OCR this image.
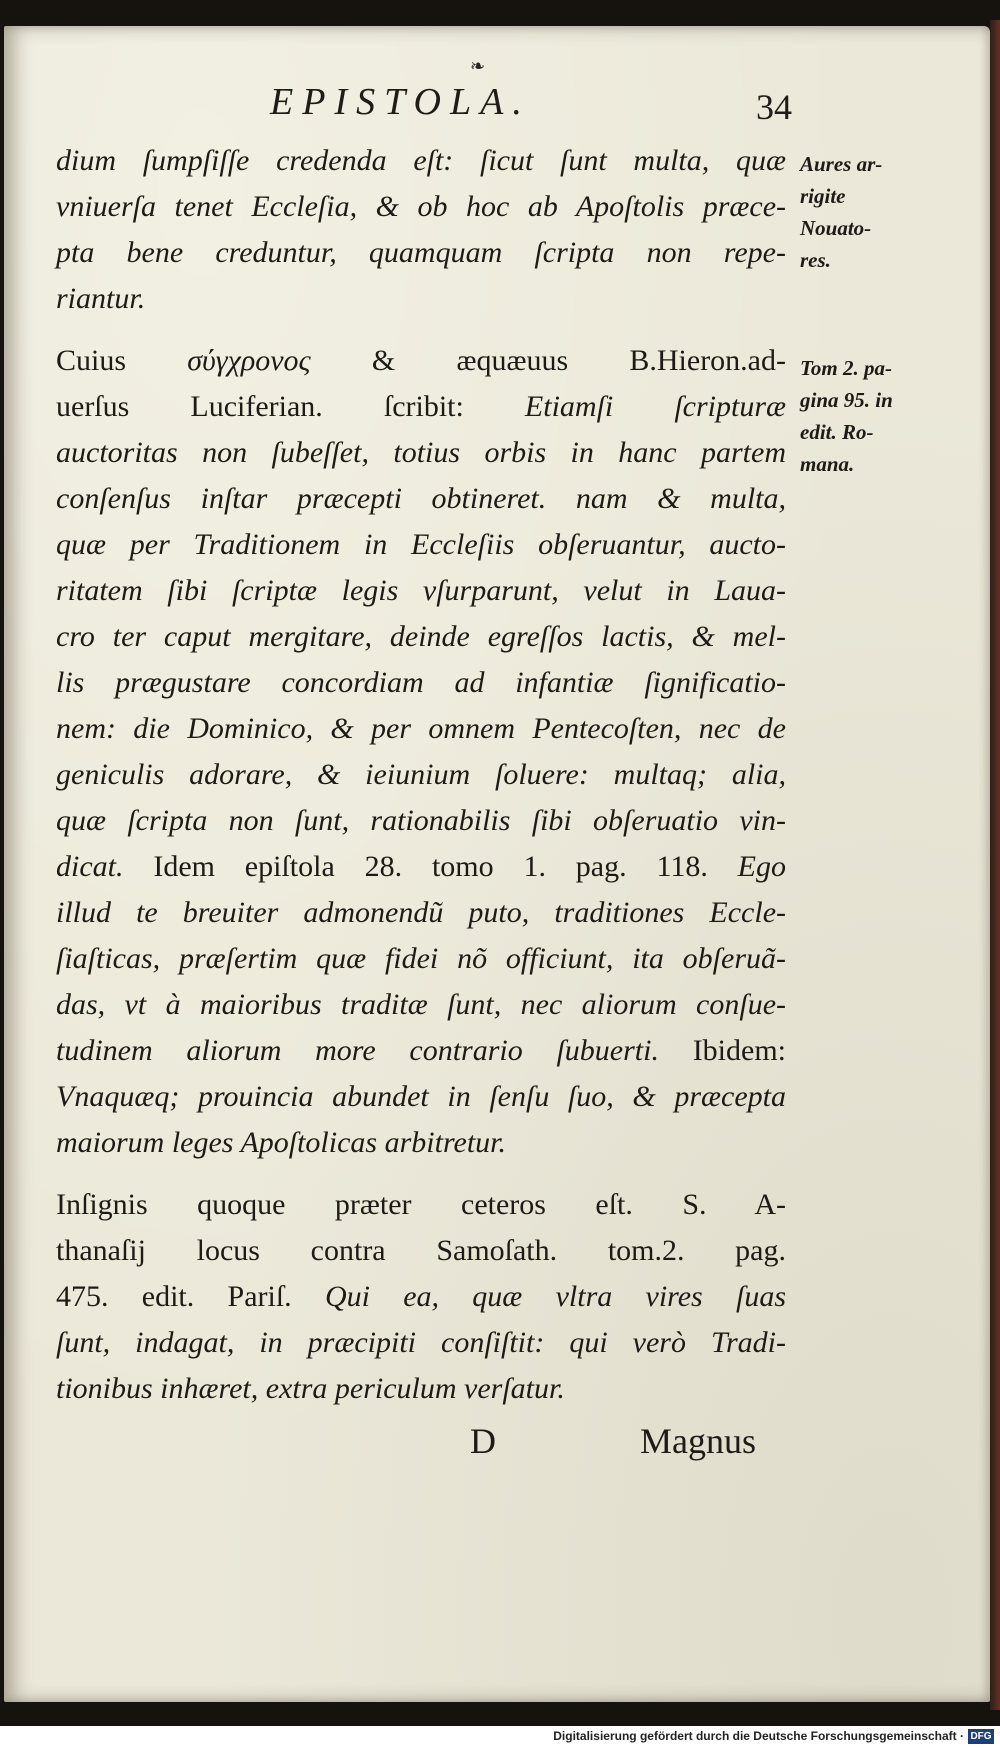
❧
EPISTOLA.	34
dium ſumpſiſſe credenda eſt: ſicut ſunt multa, quæ
vniuerſa tenet Eccleſia, & ob hoc ab Apoſtolis præce-
pta bene creduntur, quamquam ſcripta non repe-
riantur.
Cuius σύγχρονος & æquæuus B.Hieron.ad-
uerſus Luciferian. ſcribit: Etiamſi ſcripturæ
auctoritas non ſubeſſet, totius orbis in hanc partem
conſenſus inſtar præcepti obtineret. nam & multa,
quæ per Traditionem in Eccleſiis obſeruantur, aucto-
ritatem ſibi ſcriptæ legis vſurparunt, velut in Laua-
cro ter caput mergitare, deinde egreſſos lactis, & mel-
lis prægustare concordiam ad infantiæ ſignificatio-
nem: die Dominico, & per omnem Pentecoſten, nec de
geniculis adorare, & ieiunium ſoluere: multaq; alia,
quæ ſcripta non ſunt, rationabilis ſibi obſeruatio vin-
dicat. Idem epiſtola 28. tomo 1. pag. 118. Ego
illud te breuiter admonendũ puto, traditiones Eccle-
ſiaſticas, præſertim quæ fidei nõ officiunt, ita obſeruã-
das, vt à maioribus traditæ ſunt, nec aliorum conſue-
tudinem aliorum more contrario ſubuerti. Ibidem:
Vnaquæq; prouincia abundet in ſenſu ſuo, & præcepta
maiorum leges Apoſtolicas arbitretur.
Inſignis quoque præter ceteros eſt. S. A-
thanaſij locus contra Samoſath. tom.2. pag.
475. edit. Pariſ. Qui ea, quæ vltra vires ſuas
ſunt, indagat, in præcipiti conſiſtit: qui verò Tradi-
tionibus inhæret, extra periculum verſatur.
Aures ar-
rigite
Nouato-
res.
Tom 2. pa-
gina 95. in
edit. Ro-
mana.
D	Magnus
Digitalisierung gefördert durch die Deutsche Forschungsgemeinschaft · DFG
